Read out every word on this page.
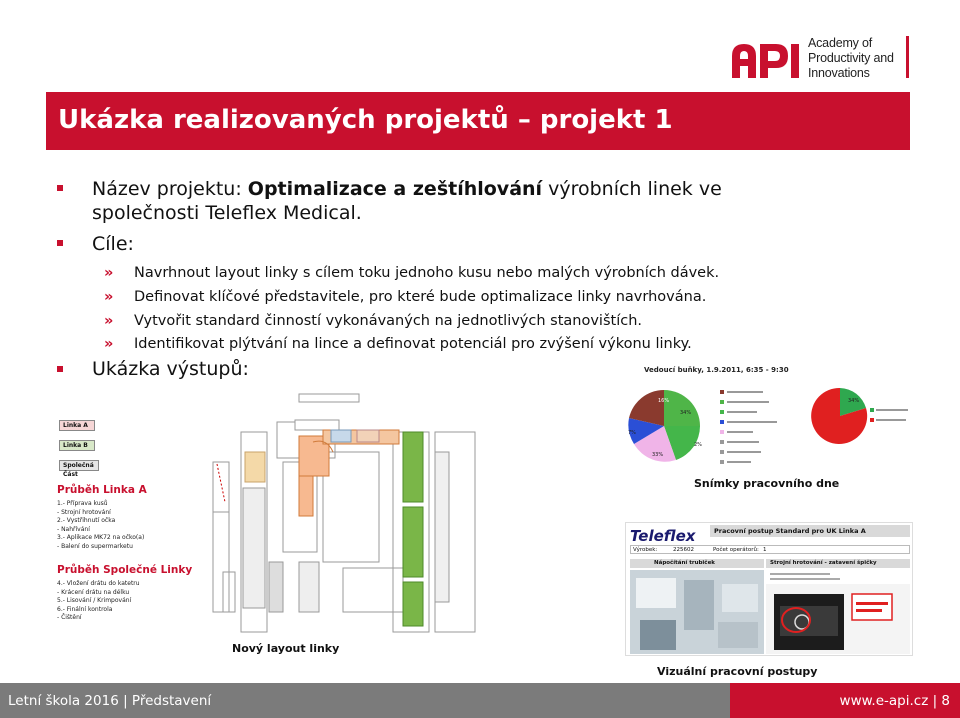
Academy of
Productivity and
Innovations
Ukázka realizovaných projektů – projekt 1
Název projektu: Optimalizace a zeštíhlování výrobních linek ve
společnosti Teleflex Medical.
Cíle:
» Navrhnout layout linky s cílem toku jednoho kusu nebo malých výrobních dávek.
» Definovat klíčové představitele, pro které bude optimalizace linky navrhována.
» Vytvořit standard činností vykonávaných na jednotlivých stanovištích.
» Identifikovat plýtvání na lince a definovat potenciál pro zvýšení výkonu linky.
Ukázka výstupů:
Linka A
Linka B
Společná Část
Průběh Linka A
1.- Příprava kusů
- Strojní hrotování
2.- Vystřihnutí očka
- Nahřívání
3.- Aplikace MK72 na očko(a)
- Balení do supermarketu
Průběh Společné Linky
4.- Vložení drátu do katetru
- Krácení drátu na délku
5.- Lisování / Krimpování
6.- Finální kontrola
- Čištění
Nový layout linky
Vedoucí buňky, 1.9.2011, 6:35 - 9:30
16%
34%
7%
33%
2%
34%
Snímky pracovního dne
Teleflex	Pracovní postup Standard pro UK Linka A
Výrobek:	225602	Počet operátorů: 1
Nápočítání trubiček	Strojní hrotování - zatavení špičky
Vizuální pracovní postupy
Letní škola 2016 | Představení	www.e-api.cz | 8
